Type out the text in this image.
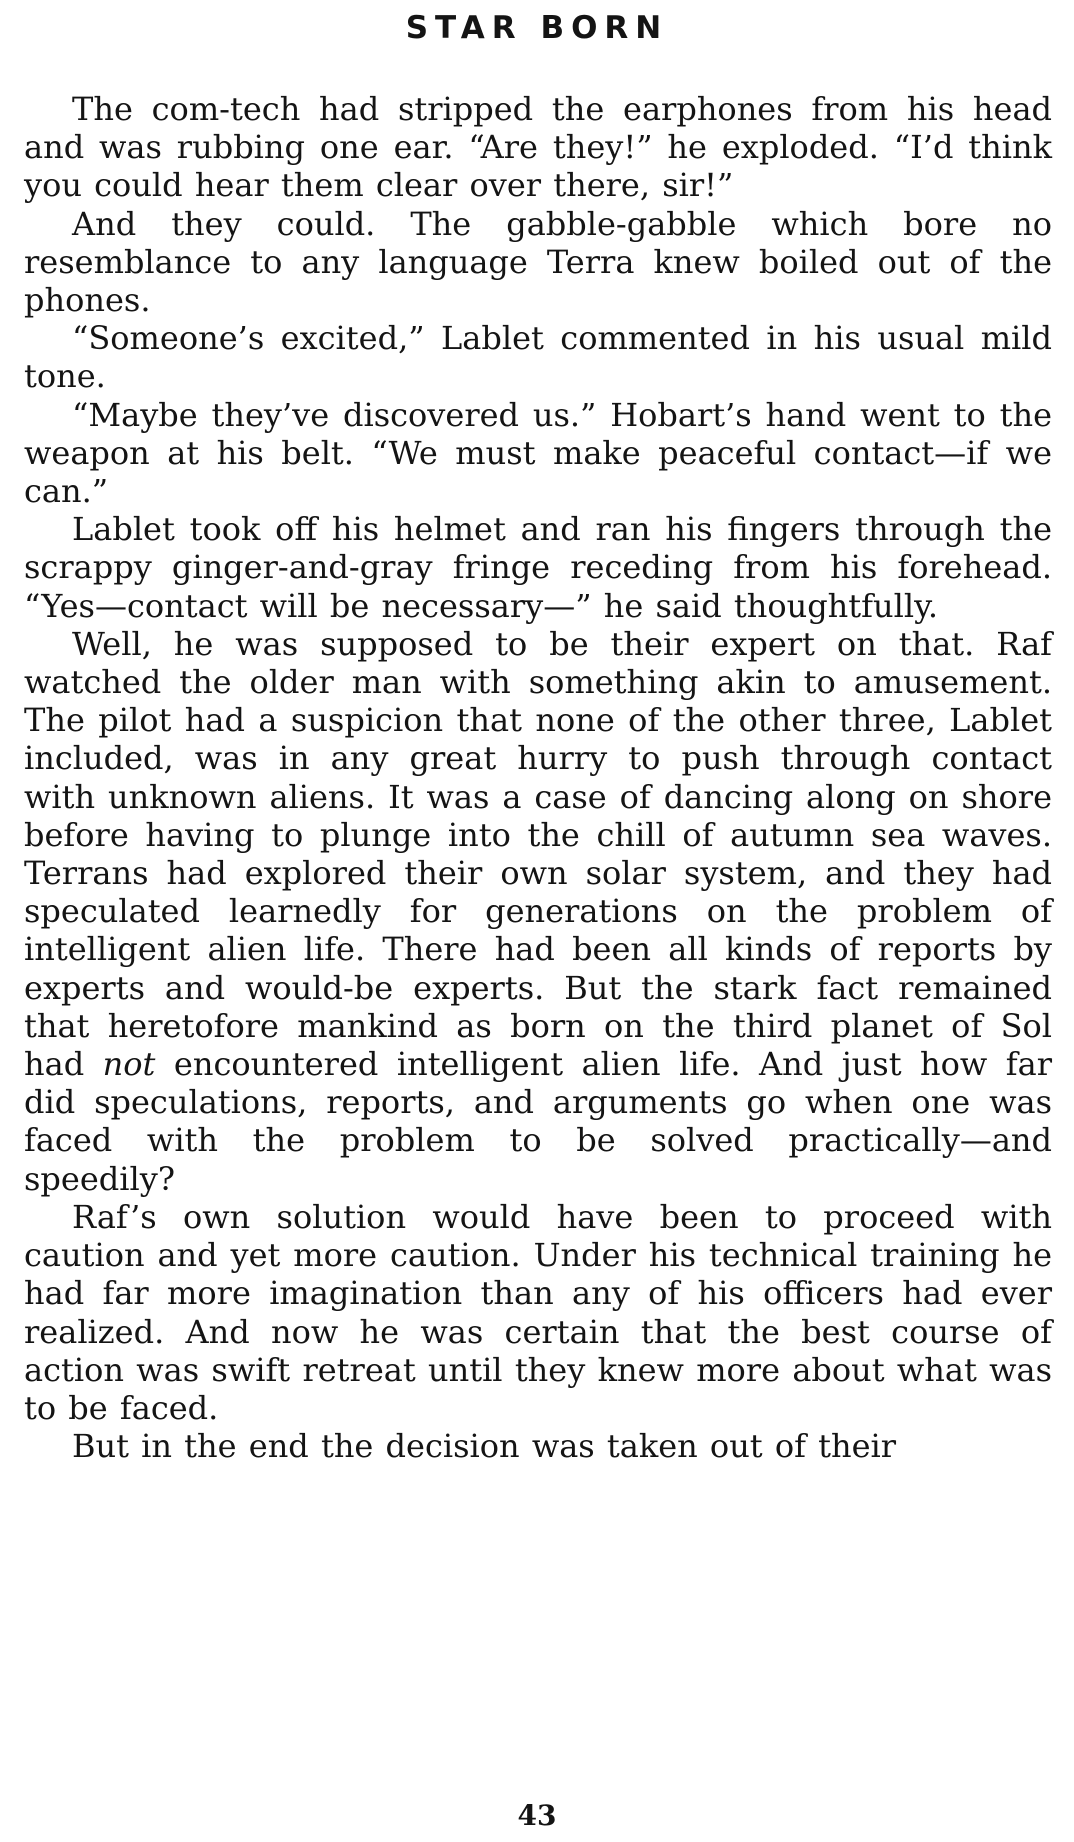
STAR BORN

The com-tech had stripped the earphones from his head and was rubbing one ear. “Are they!” he exploded. “I’d think you could hear them clear over there, sir!”

And they could. The gabble-gabble which bore no resemblance to any language Terra knew boiled out of the phones.

“Someone’s excited,” Lablet commented in his usual mild tone.

“Maybe they’ve discovered us.” Hobart’s hand went to the weapon at his belt. “We must make peaceful contact—if we can.”

Lablet took off his helmet and ran his fingers through the scrappy ginger-and-gray fringe receding from his forehead. “Yes—contact will be necessary—” he said thoughtfully.

Well, he was supposed to be their expert on that. Raf watched the older man with something akin to amusement. The pilot had a suspicion that none of the other three, Lablet included, was in any great hurry to push through contact with unknown aliens. It was a case of dancing along on shore before having to plunge into the chill of autumn sea waves. Terrans had explored their own solar system, and they had speculated learnedly for generations on the problem of intelligent alien life. There had been all kinds of reports by experts and would-be experts. But the stark fact remained that heretofore mankind as born on the third planet of Sol had not encountered intelligent alien life. And just how far did speculations, reports, and arguments go when one was faced with the problem to be solved practically—and speedily?

Raf’s own solution would have been to proceed with caution and yet more caution. Under his technical training he had far more imagination than any of his officers had ever realized. And now he was certain that the best course of action was swift retreat until they knew more about what was to be faced.

But in the end the decision was taken out of their

43
